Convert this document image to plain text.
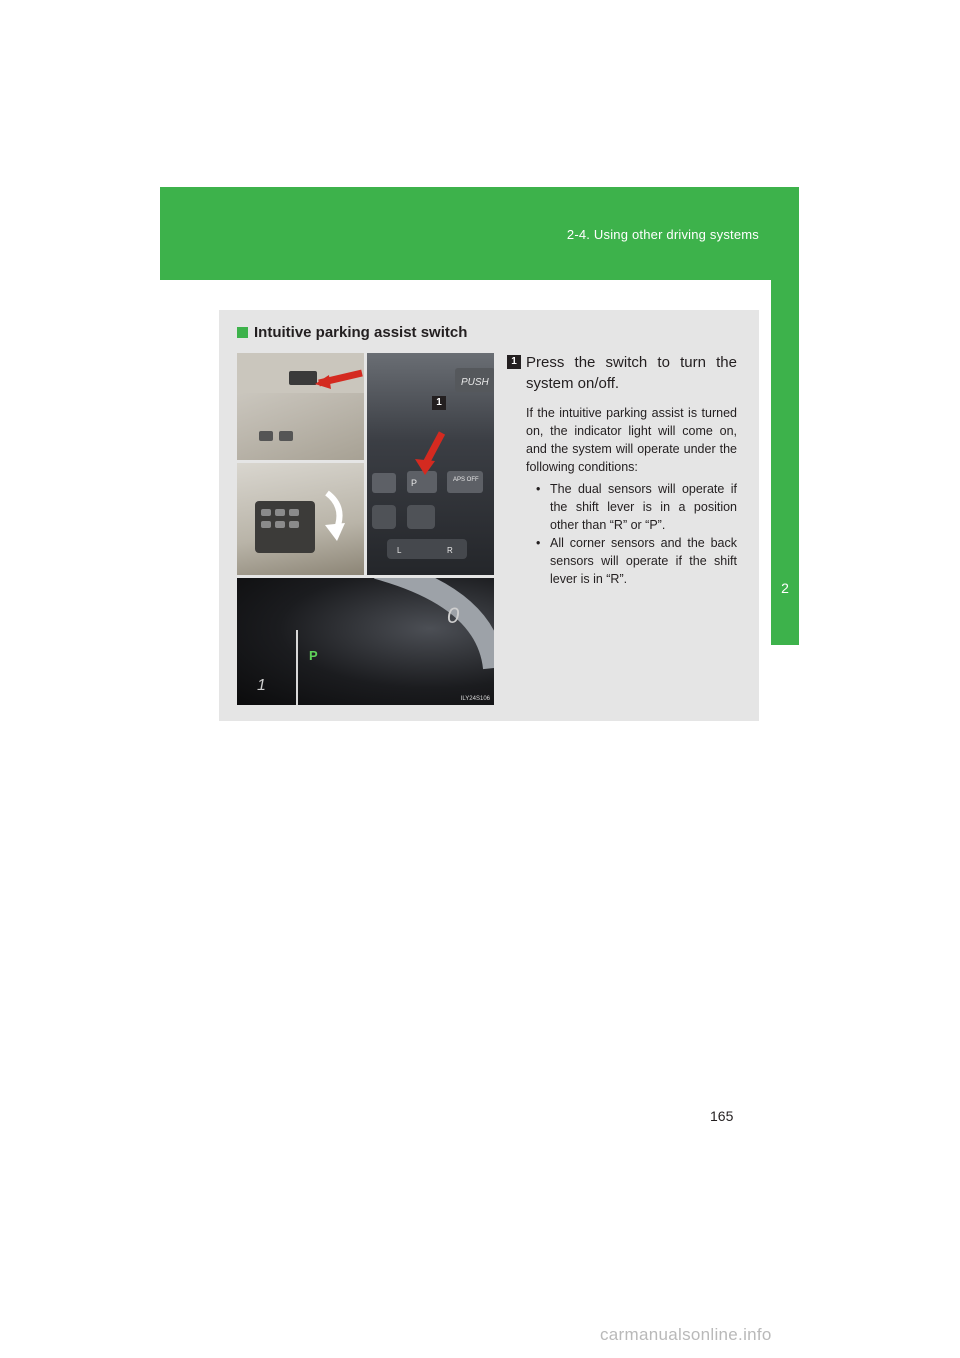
2-4. Using other driving systems
2
When driving
Intuitive parking assist switch
PUSH
P	APS OFF
L	R
1
P
0
1
ILY24S106
1 Press the switch to turn the system on/off.

If the intuitive parking assist is turned on, the indicator light will come on, and the system will operate under the following conditions:

• The dual sensors will operate if the shift lever is in a position other than “R” or “P”.
• All corner sensors and the back sensors will operate if the shift lever is in “R”.
165
carmanualsonline.info
